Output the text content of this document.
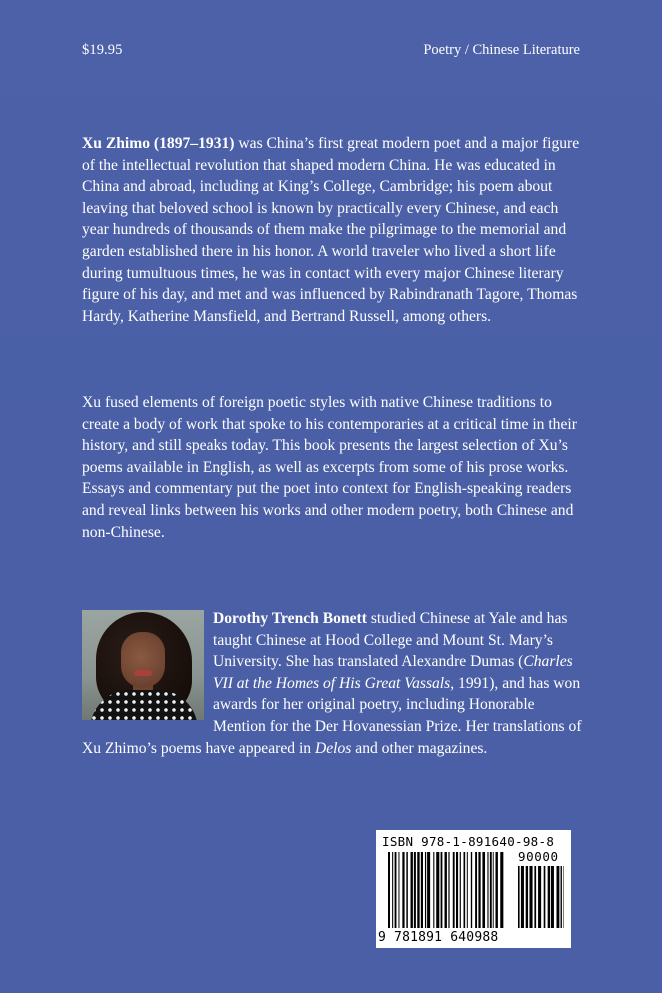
$19.95	Poetry / Chinese Literature
Xu Zhimo (1897–1931) was China’s first great modern poet and a major figure of the intellectual revolution that shaped modern China. He was educated in China and abroad, including at King’s College, Cambridge; his poem about leaving that beloved school is known by practically every Chinese, and each year hundreds of thousands of them make the pilgrimage to the memorial and garden established there in his honor. A world traveler who lived a short life during tumultuous times, he was in contact with every major Chinese literary figure of his day, and met and was influenced by Rabindranath Tagore, Thomas Hardy, Katherine Mansfield, and Bertrand Russell, among others.
Xu fused elements of foreign poetic styles with native Chinese traditions to create a body of work that spoke to his contemporaries at a critical time in their history, and still speaks today. This book presents the largest selection of Xu’s poems available in English, as well as excerpts from some of his prose works. Essays and commentary put the poet into context for English-speaking readers and reveal links between his works and other modern poetry, both Chinese and non-Chinese.
Dorothy Trench Bonett studied Chinese at Yale and has taught Chinese at Hood College and Mount St. Mary’s University. She has translated Alexandre Dumas (Charles VII at the Homes of His Great Vassals, 1991), and has won awards for her original poetry, including Honorable Mention for the Der Hovanessian Prize. Her translations of Xu Zhimo’s poems have appeared in Delos and other magazines.
ISBN 978-1-891640-98-8
90000
9 781891 640988
